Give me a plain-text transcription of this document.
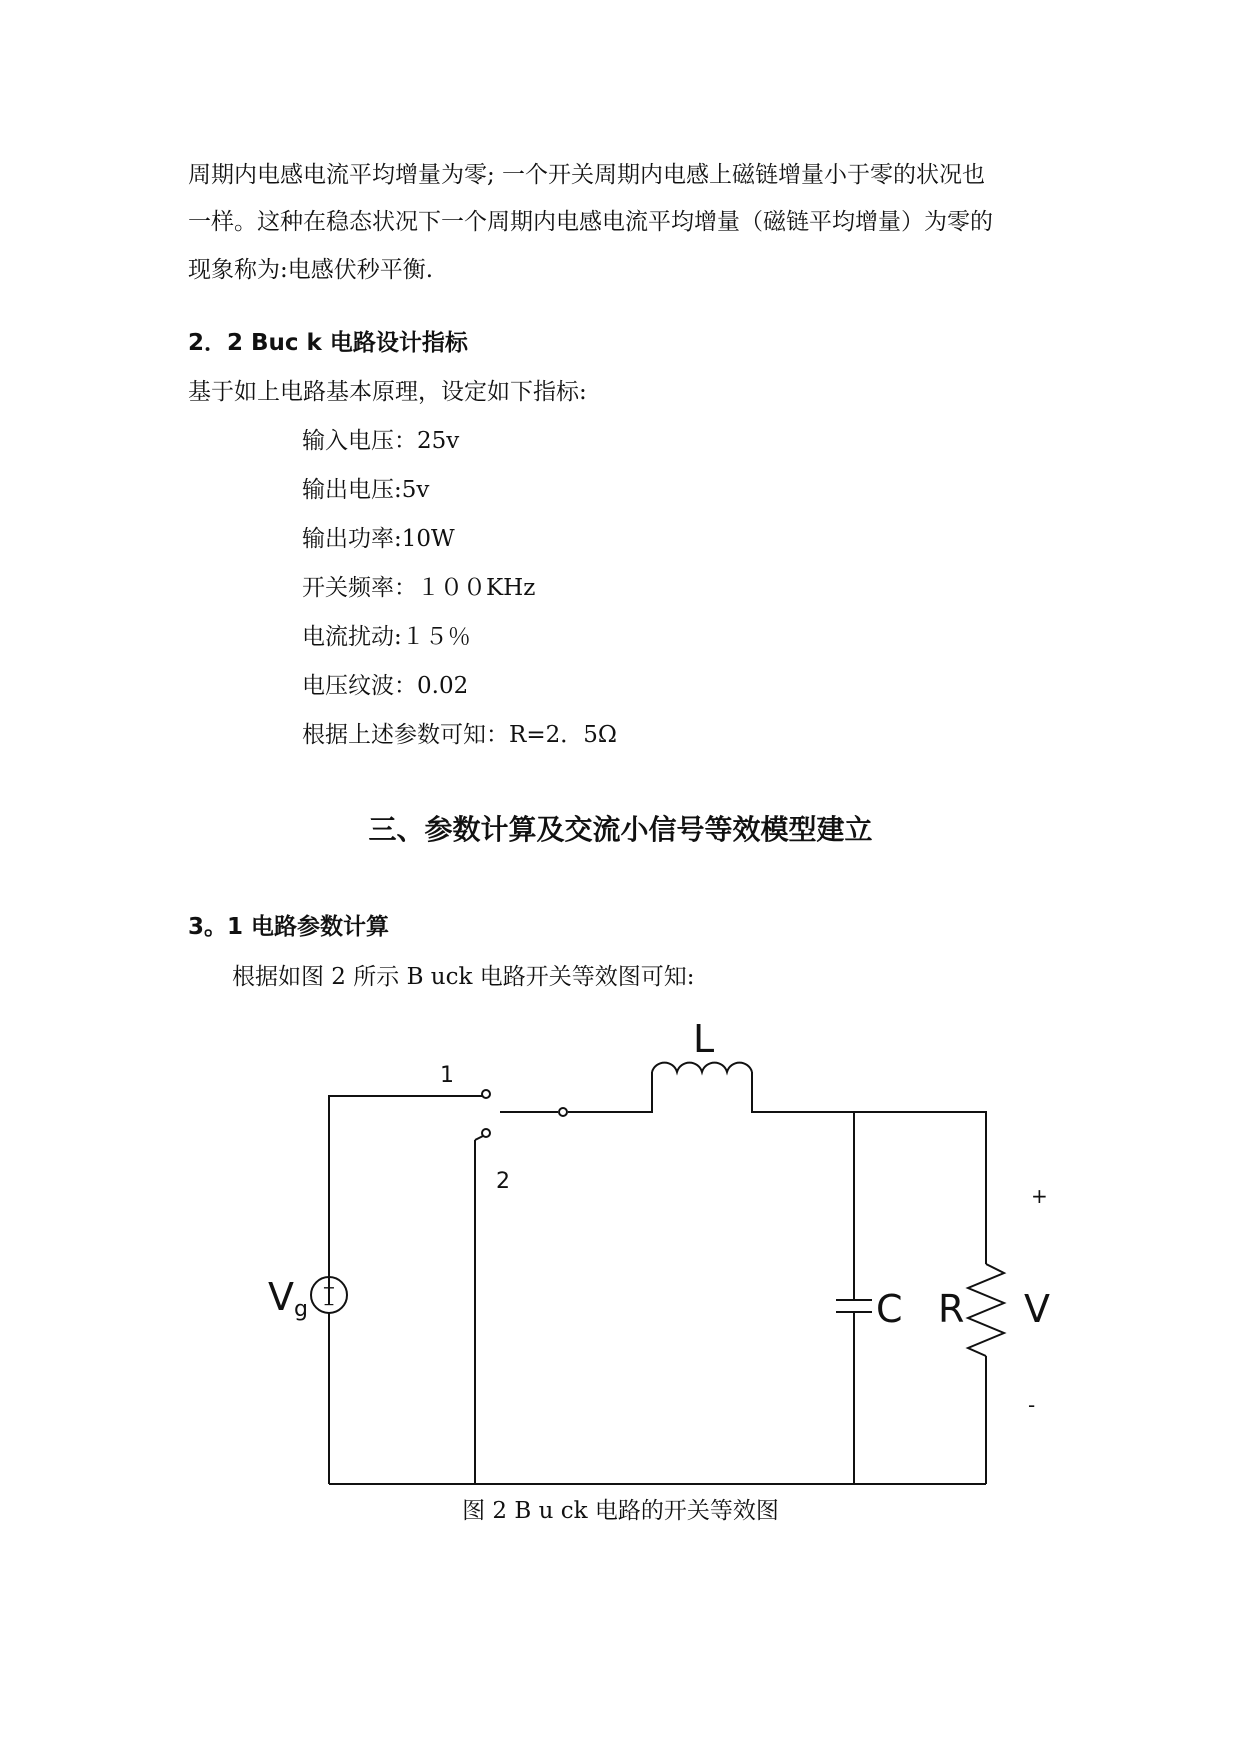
周期内电感电流平均增量为零; 一个开关周期内电感上磁链增量小于零的状况也
一样。这种在稳态状况下一个周期内电感电流平均增量（磁链平均增量）为零的
现象称为:电感伏秒平衡.
2．2 Buc k 电路设计指标
基于如上电路基本原理，设定如下指标:
输入电压：25v
输出电压:5v
输出功率:10W
开关频率：１００KHz
电流扰动:１５％
电压纹波：0.02
根据上述参数可知：R=2．5Ω
三、参数计算及交流小信号等效模型建立
3。1 电路参数计算
根据如图 2 所示 B uck 电路开关等效图可知:
+
−
Vg
1
2
L
C R V
+
-
图 2 B u ck 电路的开关等效图
